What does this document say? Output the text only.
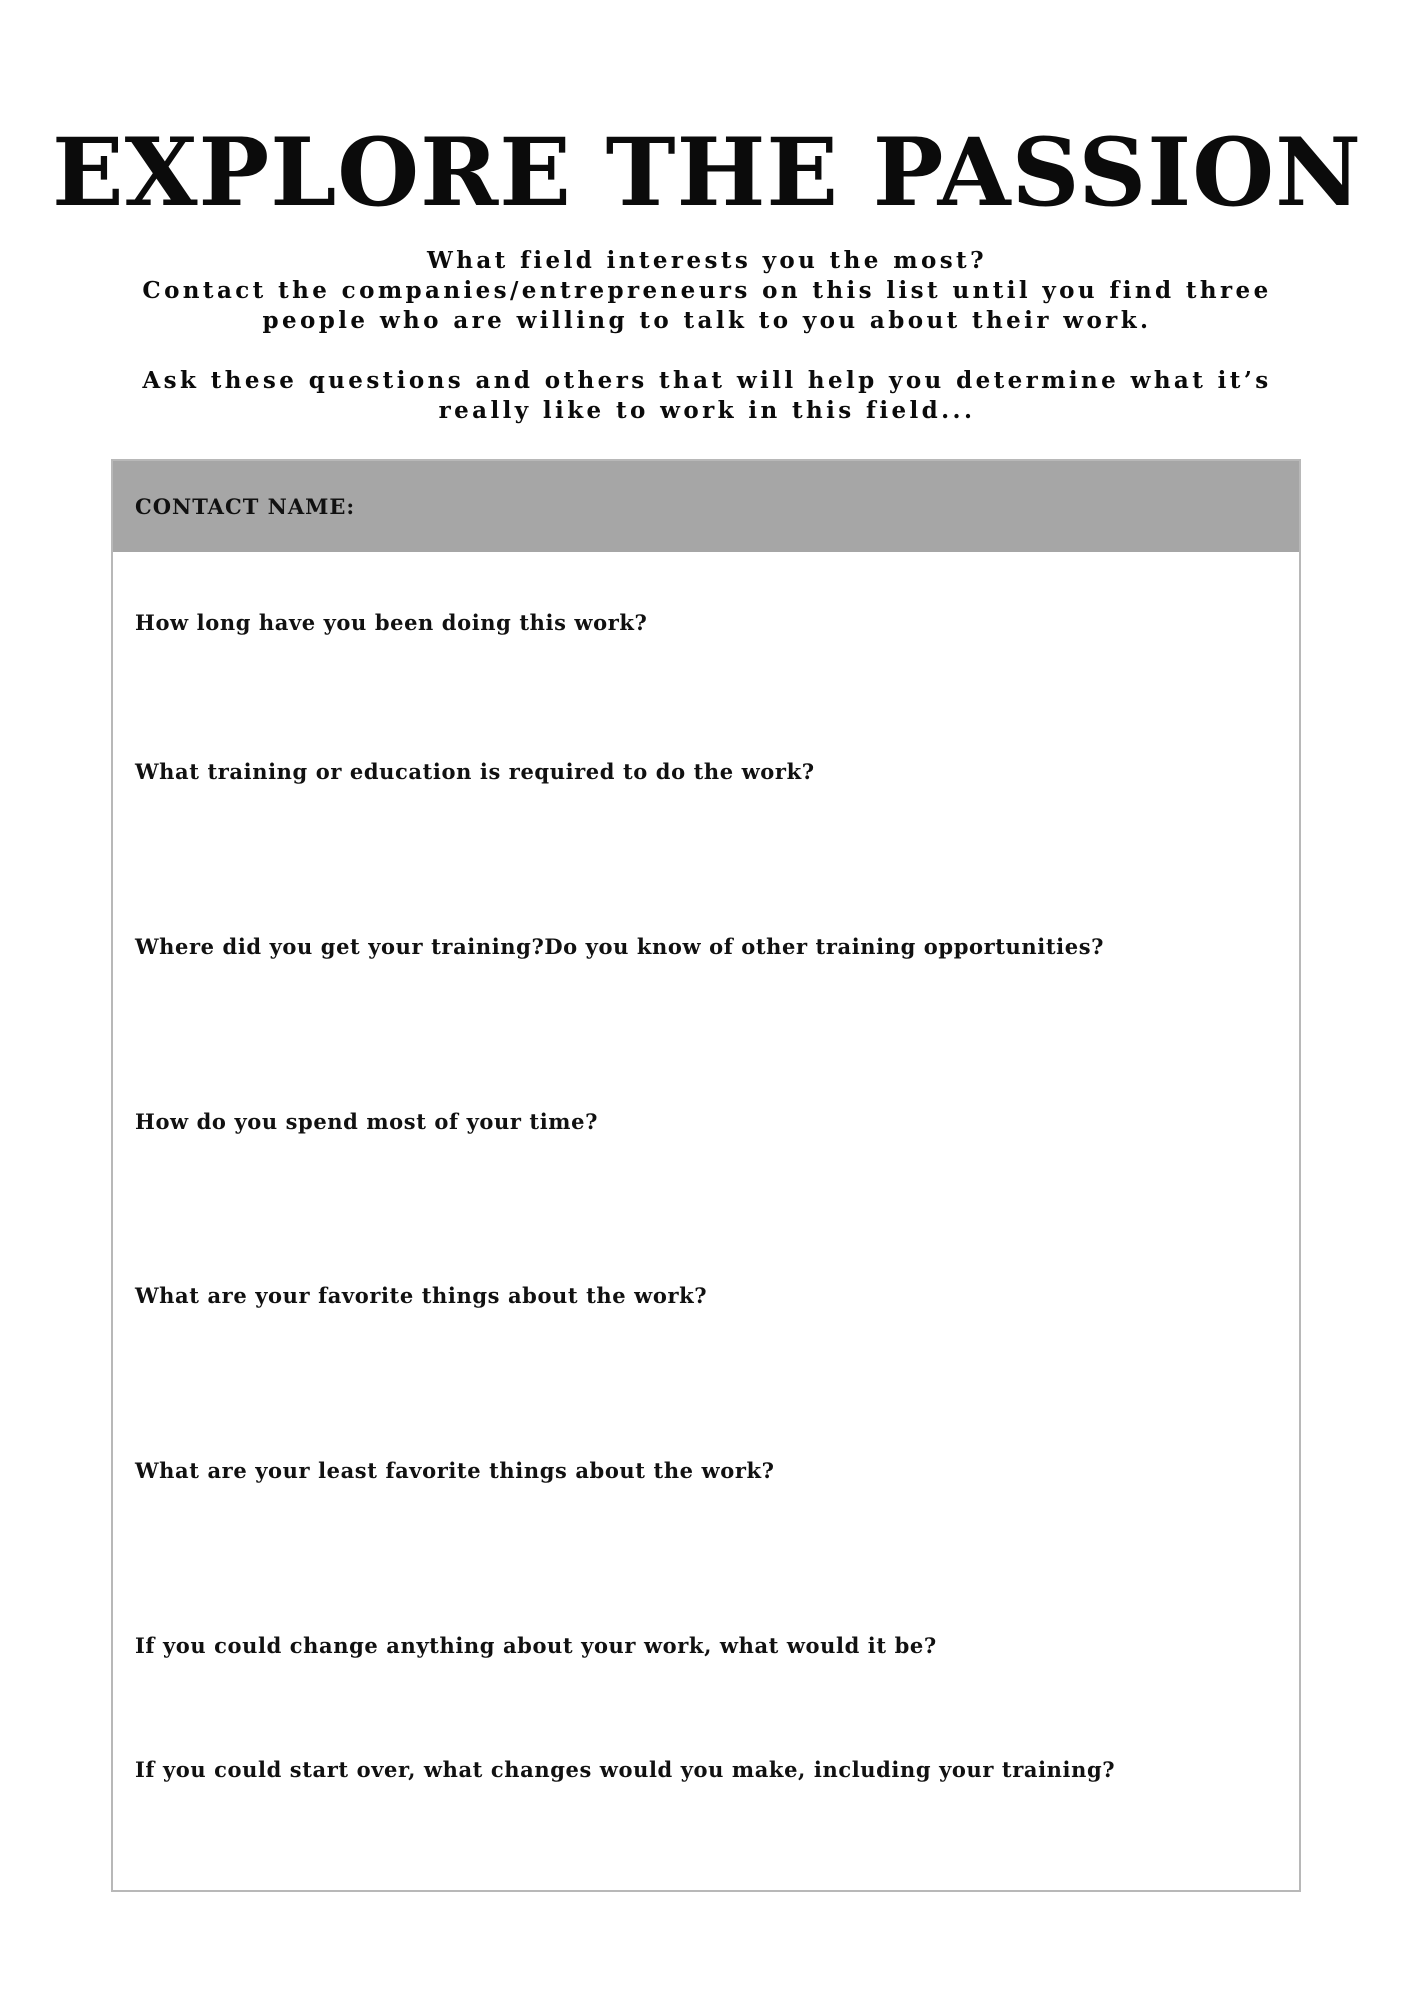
EXPLORE THE PASSION

What field interests you the most?

Contact the companies/entrepreneurs on this list until you find three people who are willing to talk to you about their work.

Ask these questions and others that will help you determine what it’s really like to work in this field...

CONTACT NAME:
How long have you been doing this work?
What training or education is required to do the work?
Where did you get your training?Do you know of other training opportunities?
How do you spend most of your time?
What are your favorite things about the work?
What are your least favorite things about the work?
If you could change anything about your work, what would it be?
If you could start over, what changes would you make, including your training?
